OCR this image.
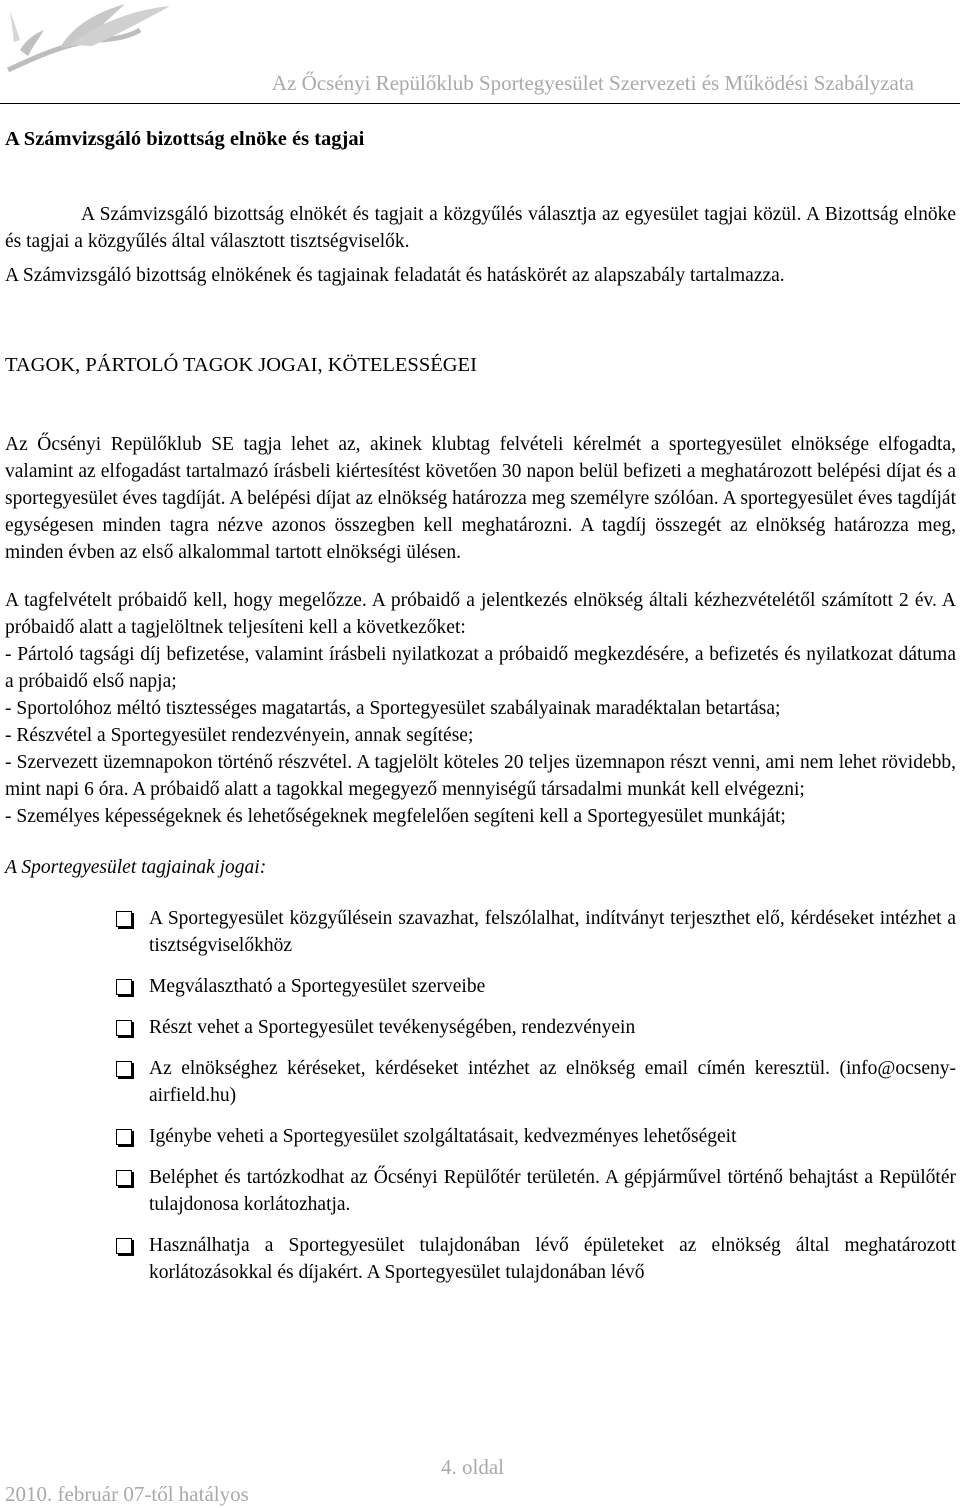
Az Őcsényi Repülőklub Sportegyesület Szervezeti és Működési Szabályzata
A Számvizsgáló bizottság elnöke és tagjai

A Számvizsgáló bizottság elnökét és tagjait a közgyűlés választja az egyesület tagjai közül. A Bizottság elnöke és tagjai a közgyűlés által választott tisztségviselők.

A Számvizsgáló bizottság elnökének és tagjainak feladatát és hatáskörét az alapszabály tartalmazza.

TAGOK, PÁRTOLÓ TAGOK JOGAI, KÖTELESSÉGEI

Az Őcsényi Repülőklub SE tagja lehet az, akinek klubtag felvételi kérelmét a sportegyesület elnöksége elfogadta, valamint az elfogadást tartalmazó írásbeli kiértesítést követően 30 napon belül befizeti a meghatározott belépési díjat és a sportegyesület éves tagdíját. A belépési díjat az elnökség határozza meg személyre szólóan. A sportegyesület éves tagdíját egységesen minden tagra nézve azonos összegben kell meghatározni. A tagdíj összegét az elnökség határozza meg, minden évben az első alkalommal tartott elnökségi ülésen.

A tagfelvételt próbaidő kell, hogy megelőzze. A próbaidő a jelentkezés elnökség általi kézhezvételétől számított 2 év. A próbaidő alatt a tagjelöltnek teljesíteni kell a következőket:

- Pártoló tagsági díj befizetése, valamint írásbeli nyilatkozat a próbaidő megkezdésére, a befizetés és nyilatkozat dátuma a próbaidő első napja;

- Sportolóhoz méltó tisztességes magatartás, a Sportegyesület szabályainak maradéktalan betartása;

- Részvétel a Sportegyesület rendezvényein, annak segítése;

- Szervezett üzemnapokon történő részvétel. A tagjelölt köteles 20 teljes üzemnapon részt venni, ami nem lehet rövidebb, mint napi 6 óra. A próbaidő alatt a tagokkal megegyező mennyiségű társadalmi munkát kell elvégezni;

- Személyes képességeknek és lehetőségeknek megfelelően segíteni kell a Sportegyesület munkáját;

A Sportegyesület tagjainak jogai:

A Sportegyesület közgyűlésein szavazhat, felszólalhat, indítványt terjeszthet elő, kérdéseket intézhet a tisztségviselőkhöz
Megválasztható a Sportegyesület szerveibe
Részt vehet a Sportegyesület tevékenységében, rendezvényein
Az elnökséghez kéréseket, kérdéseket intézhet az elnökség email címén keresztül. (info@ocseny-airfield.hu)
Igénybe veheti a Sportegyesület szolgáltatásait, kedvezményes lehetőségeit
Beléphet és tartózkodhat az Őcsényi Repülőtér területén. A gépjárművel történő behajtást a Repülőtér tulajdonosa korlátozhatja.
Használhatja a Sportegyesület tulajdonában lévő épületeket az elnökség által meghatározott korlátozásokkal és díjakért. A Sportegyesület tulajdonában lévő
4. oldal
2010. február 07-től hatályos
